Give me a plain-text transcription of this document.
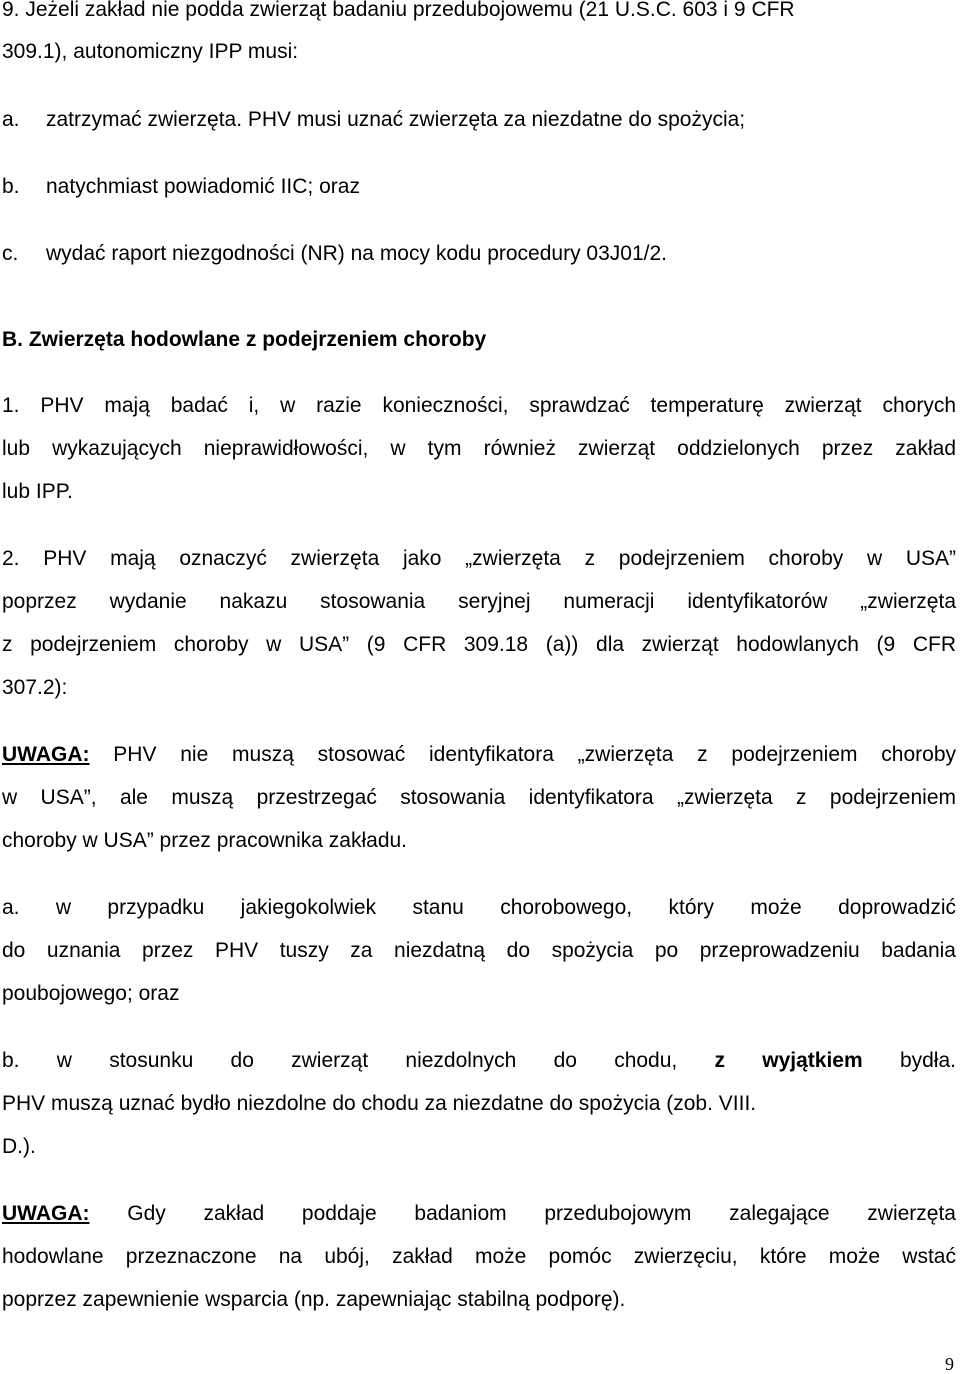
9. Jeżeli zakład nie poddа zwierząt badaniu przedubojowemu (21 U.S.C. 603 i 9 CFR
309.1), autonomiczny IPP musi:
a. zatrzymać zwierzęta. PHV musi uznać zwierzęta za niezdatne do spożycia;
b. natychmiast powiadomić IIC; oraz
c. wydać raport niezgodności (NR) na mocy kodu procedury 03J01/2.
B. Zwierzęta hodowlane z podejrzeniem choroby
1. PHV mają badać i, w razie konieczności, sprawdzać temperaturę zwierząt chorych
lub wykazujących nieprawidłowości, w tym również zwierząt oddzielonych przez zakład
lub IPP.
2. PHV mają oznaczyć zwierzęta jako „zwierzęta z podejrzeniem choroby w USA”
poprzez wydanie nakazu stosowania seryjnej numeracji identyfikatorów „zwierzęta
z podejrzeniem choroby w USA” (9 CFR 309.18 (a)) dla zwierząt hodowlanych (9 CFR
307.2):
UWAGA: PHV nie muszą stosować identyfikatora „zwierzęta z podejrzeniem choroby
w USA”, ale muszą przestrzegać stosowania identyfikatora „zwierzęta z podejrzeniem
choroby w USA” przez pracownika zakładu.
a. w przypadku jakiegokolwiek stanu chorobowego, który może doprowadzić
do uznania przez PHV tuszy za niezdatną do spożycia po przeprowadzeniu badania
poubojowego; oraz
b. w stosunku do zwierząt niezdolnych do chodu, z wyjątkiem bydła.
PHV muszą uznać bydło niezdolne do chodu za niezdatne do spożycia (zob. VIII.
D.).
UWAGA: Gdy zakład poddaje badaniom przedubojowym zalegające zwierzęta
hodowlane przeznaczone na ubój, zakład może pomóc zwierzęciu, które może wstać
poprzez zapewnienie wsparcia (np. zapewniając stabilną podporę).
9
